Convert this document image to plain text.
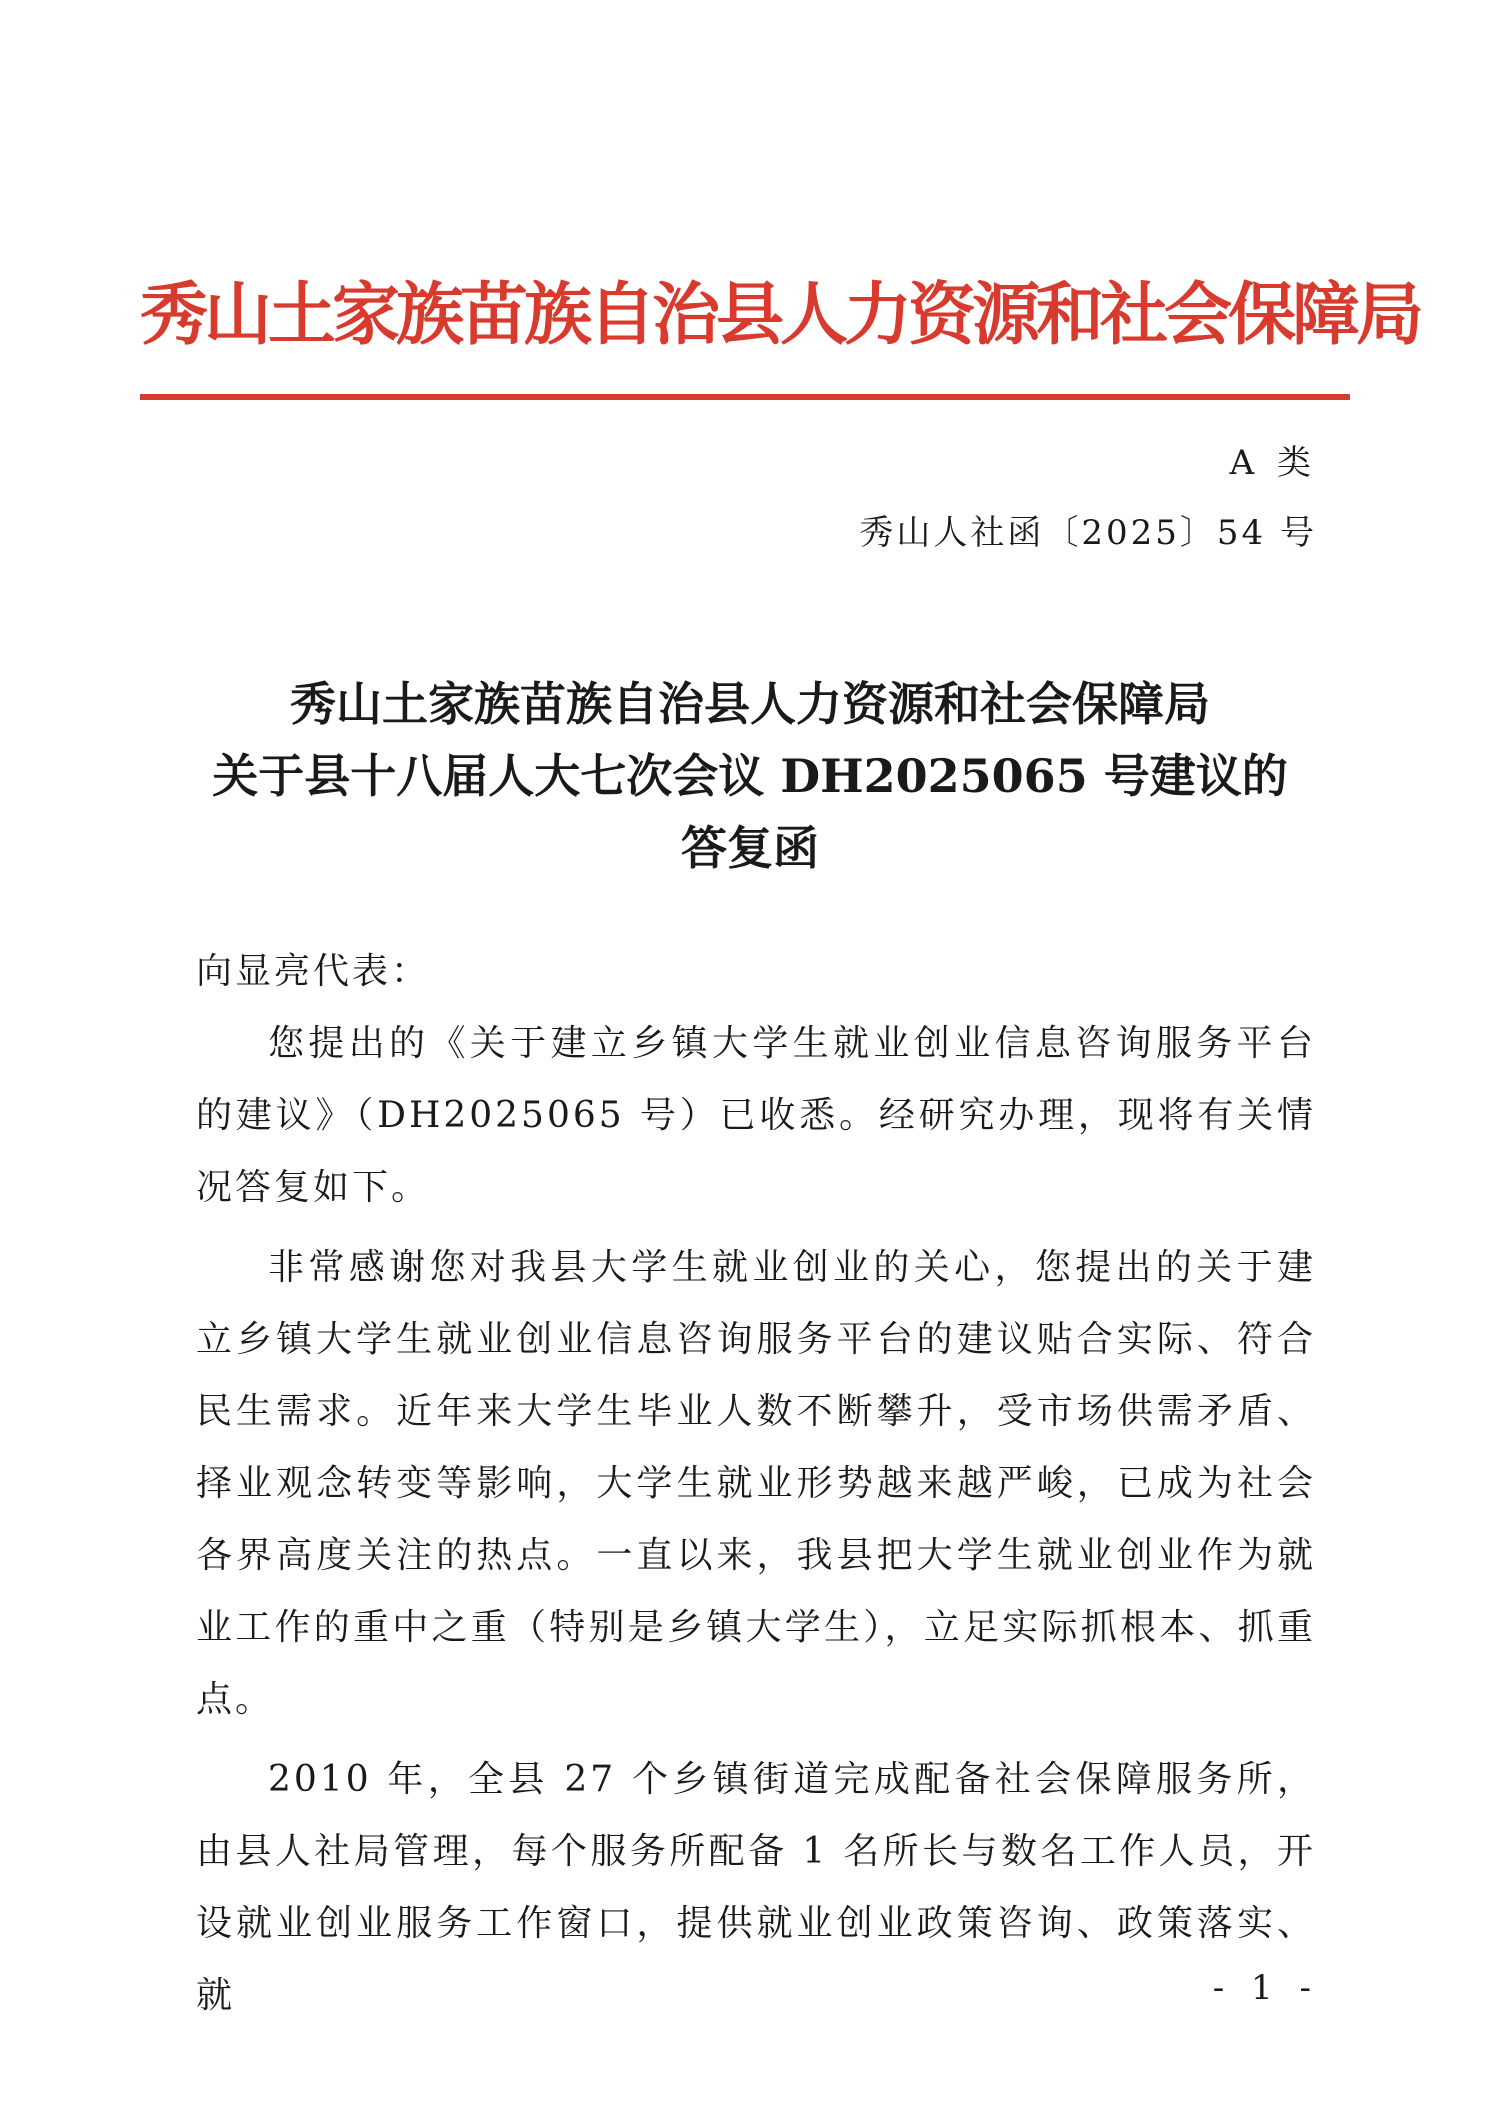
秀山土家族苗族自治县人力资源和社会保障局
A 类
秀山人社函〔2025〕54 号
秀山土家族苗族自治县人力资源和社会保障局
关于县十八届人大七次会议 DH2025065 号建议的
答复函

向显亮代表：

您提出的《关于建立乡镇大学生就业创业信息咨询服务平台的建议》（DH2025065 号）已收悉。经研究办理，现将有关情况答复如下。

非常感谢您对我县大学生就业创业的关心，您提出的关于建立乡镇大学生就业创业信息咨询服务平台的建议贴合实际、符合民生需求。近年来大学生毕业人数不断攀升，受市场供需矛盾、择业观念转变等影响，大学生就业形势越来越严峻，已成为社会各界高度关注的热点。一直以来，我县把大学生就业创业作为就业工作的重中之重（特别是乡镇大学生），立足实际抓根本、抓重点。

2010 年，全县 27 个乡镇街道完成配备社会保障服务所，由县人社局管理，每个服务所配备 1 名所长与数名工作人员，开设就业创业服务工作窗口，提供就业创业政策咨询、政策落实、就	- 1 -
